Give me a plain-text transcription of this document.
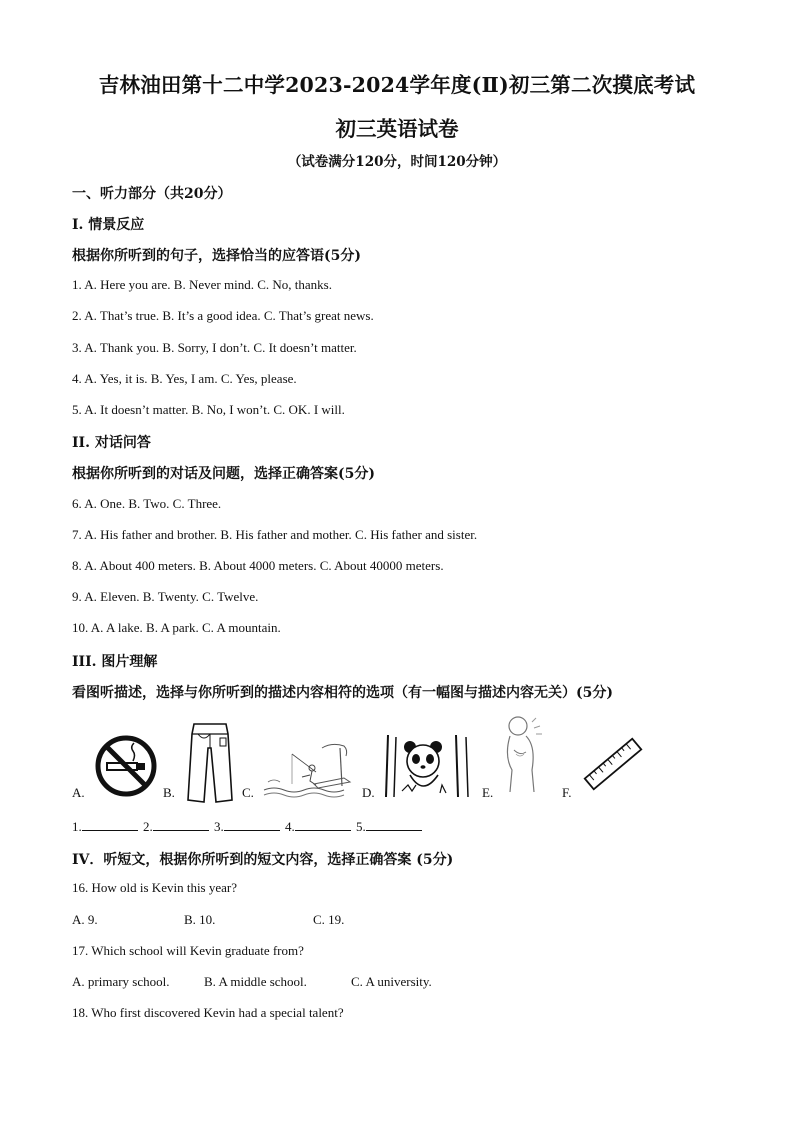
吉林油田第十二中学2023-2024学年度(Ⅱ)初三第二次摸底考试
初三英语试卷
（试卷满分120分，时间120分钟）
一、听力部分（共20分）
I. 情景反应
根据你所听到的句子，选择恰当的应答语(5分)
1. A. Here you are. B. Never mind. C. No, thanks.
2. A. That’s true. B. It’s a good idea. C. That’s great news.
3. A. Thank you. B. Sorry, I don’t. C. It doesn’t matter.
4. A. Yes, it is. B. Yes, I am. C. Yes, please.
5. A. It doesn’t matter. B. No, I won’t. C. OK. I will.
II. 对话问答
根据你所听到的对话及问题，选择正确答案(5分)
6. A. One. B. Two. C. Three.
7. A. His father and brother. B. His father and mother. C. His father and sister.
8. A. About 400 meters. B. About 4000 meters. C. About 40000 meters.
9. A. Eleven. B. Twenty. C. Twelve.
10. A. A lake. B. A park. C. A mountain.
III. 图片理解
看图听描述，选择与你所听到的描述内容相符的选项（有一幅图与描述内容无关）(5分)
A.	B.	C.	D.	E.	F.
1.	2.	3.	4.	5.
IV．听短文，根据你所听到的短文内容，选择正确答案 (5分)
16. How old is Kevin this year?
A. 9.	B. 10.	C. 19.
17. Which school will Kevin graduate from?
A. primary school.	B. A middle school.	C. A university.
18. Who first discovered Kevin had a special talent?
